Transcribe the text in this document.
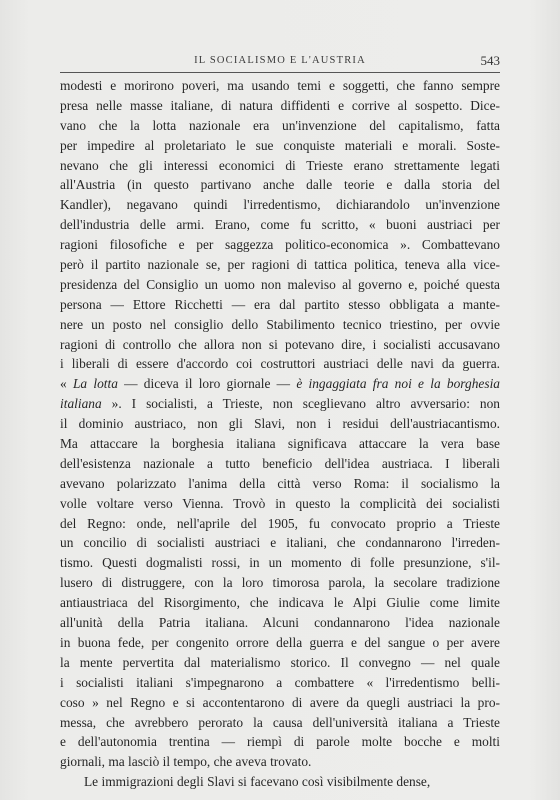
IL SOCIALISMO E L'AUSTRIA	543
modesti e morirono poveri, ma usando temi e soggetti, che fanno sempre
presa nelle masse italiane, di natura diffidenti e corrive al sospetto. Dice-
vano che la lotta nazionale era un'invenzione del capitalismo, fatta
per impedire al proletariato le sue conquiste materiali e morali. Soste-
nevano che gli interessi economici di Trieste erano strettamente legati
all'Austria (in questo partivano anche dalle teorie e dalla storia del
Kandler), negavano quindi l'irredentismo, dichiarandolo un'invenzione
dell'industria delle armi. Erano, come fu scritto, « buoni austriaci per
ragioni filosofiche e per saggezza politico-economica ». Combattevano
però il partito nazionale se, per ragioni di tattica politica, teneva alla vice-
presidenza del Consiglio un uomo non maleviso al governo e, poiché questa
persona — Ettore Ricchetti — era dal partito stesso obbligata a mante-
nere un posto nel consiglio dello Stabilimento tecnico triestino, per ovvie
ragioni di controllo che allora non si potevano dire, i socialisti accusavano
i liberali di essere d'accordo coi costruttori austriaci delle navi da guerra.
« La lotta — diceva il loro giornale — è ingaggiata fra noi e la borghesia
italiana ». I socialisti, a Trieste, non sceglievano altro avversario: non
il dominio austriaco, non gli Slavi, non i residui dell'austriacantismo.
Ma attaccare la borghesia italiana significava attaccare la vera base
dell'esistenza nazionale a tutto beneficio dell'idea austriaca. I liberali
avevano polarizzato l'anima della città verso Roma: il socialismo la
volle voltare verso Vienna. Trovò in questo la complicità dei socialisti
del Regno: onde, nell'aprile del 1905, fu convocato proprio a Trieste
un concilio di socialisti austriaci e italiani, che condannarono l'irreden-
tismo. Questi dogmalisti rossi, in un momento di folle presunzione, s'il-
lusero di distruggere, con la loro timorosa parola, la secolare tradizione
antiaustriaca del Risorgimento, che indicava le Alpi Giulie come limite
all'unità della Patria italiana. Alcuni condannarono l'idea nazionale
in buona fede, per congenito orrore della guerra e del sangue o per avere
la mente pervertita dal materialismo storico. Il convegno — nel quale
i socialisti italiani s'impegnarono a combattere « l'irredentismo belli-
coso » nel Regno e si accontentarono di avere da quegli austriaci la pro-
messa, che avrebbero perorato la causa dell'università italiana a Trieste
e dell'autonomia trentina — riempì di parole molte bocche e molti
giornali, ma lasciò il tempo, che aveva trovato.
Le immigrazioni degli Slavi si facevano così visibilmente dense,
